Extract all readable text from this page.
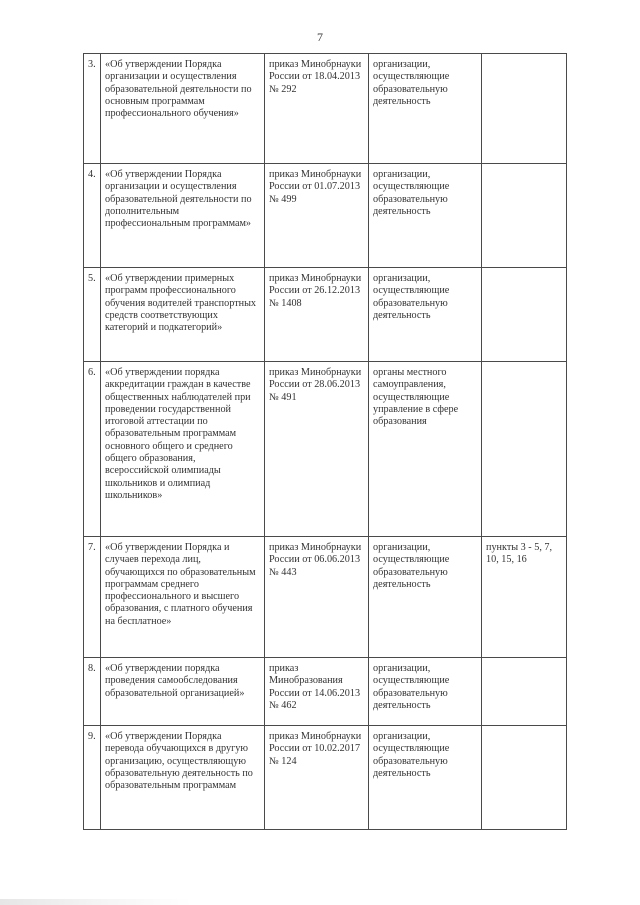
7
3.	«Об утверждении Порядка организации и осуществления образовательной деятельности по основным программам профессионального обучения»	приказ Минобрнауки России от 18.04.2013 № 292	организации, осуществляющие образовательную деятельность	
4.	«Об утверждении Порядка организации и осуществления образовательной деятельности по дополнительным профессиональным программам»	приказ Минобрнауки России от 01.07.2013 № 499	организации, осуществляющие образовательную деятельность	
5.	«Об утверждении примерных программ профессионального обучения водителей транспортных средств соответствующих категорий и подкатегорий»	приказ Минобрнауки России от 26.12.2013 № 1408	организации, осуществляющие образовательную деятельность	
6.	«Об утверждении порядка аккредитации граждан в качестве общественных наблюдателей при проведении государственной итоговой аттестации по образовательным программам основного общего и среднего общего образования, всероссийской олимпиады школьников и олимпиад школьников»	приказ Минобрнауки России от 28.06.2013 № 491	органы местного самоуправления, осуществляющие управление в сфере образования	
7.	«Об утверждении Порядка и случаев перехода лиц, обучающихся по образовательным программам среднего профессионального и высшего образования, с платного обучения на бесплатное»	приказ Минобрнауки России от 06.06.2013 № 443	организации, осуществляющие образовательную деятельность	пункты 3 - 5, 7, 10, 15, 16
8.	«Об утверждении порядка проведения самообследования образовательной организацией»	приказ Минобразования России от 14.06.2013 № 462	организации, осуществляющие образовательную деятельность	
9.	«Об утверждении Порядка перевода обучающихся в другую организацию, осуществляющую образовательную деятельность по образовательным программам	приказ Минобрнауки России от 10.02.2017 № 124	организации, осуществляющие образовательную деятельность	
